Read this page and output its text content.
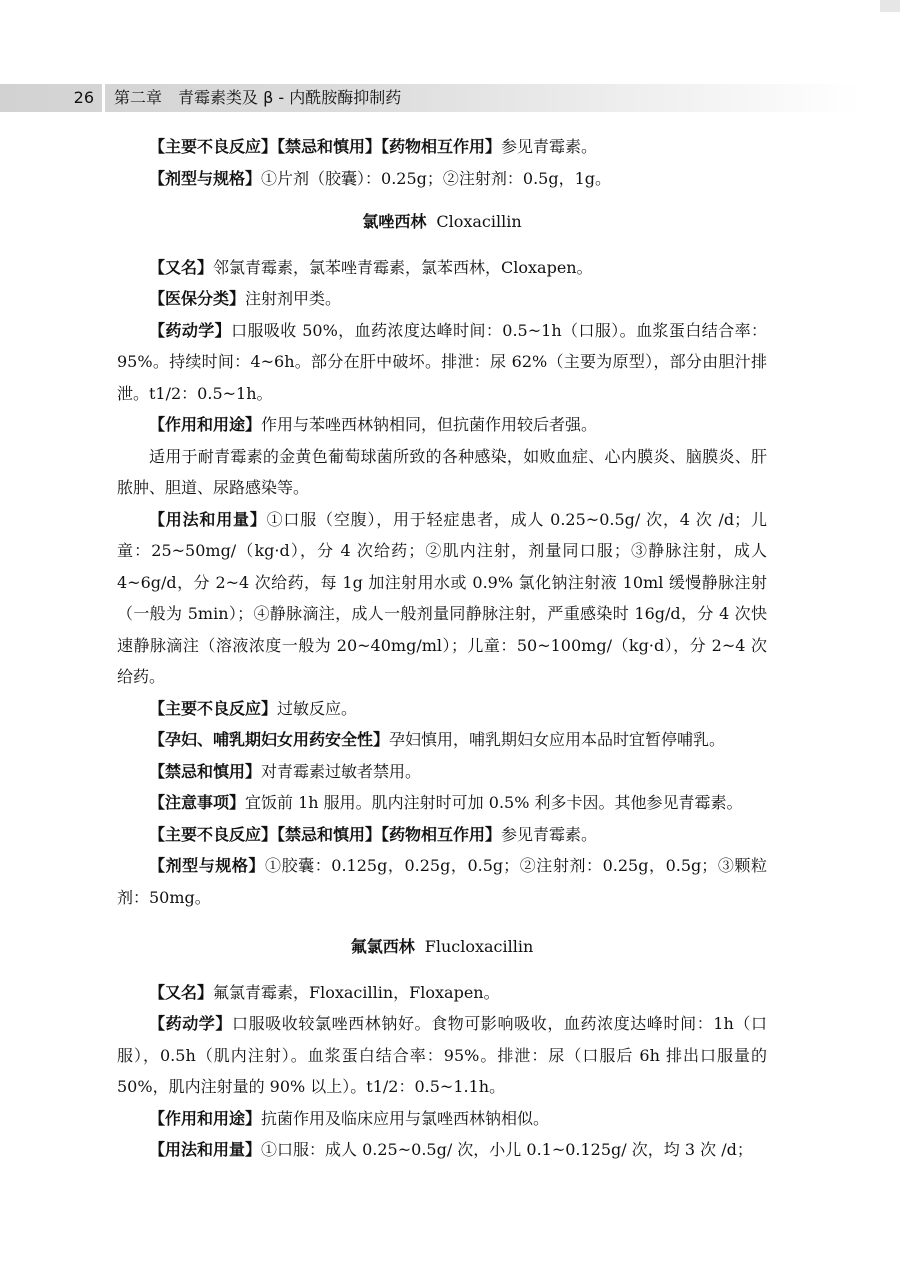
26	第二章　青霉素类及 β - 内酰胺酶抑制药

【主要不良反应】【禁忌和慎用】【药物相互作用】参见青霉素。

【剂型与规格】①片剂（胶囊）：0.25g；②注射剂：0.5g，1g。

氯唑西林 Cloxacillin

【又名】邻氯青霉素，氯苯唑青霉素，氯苯西林，Cloxapen。

【医保分类】注射剂甲类。

【药动学】口服吸收 50%，血药浓度达峰时间：0.5~1h（口服）。血浆蛋白结合率：95%。持续时间：4~6h。部分在肝中破坏。排泄：尿 62%（主要为原型），部分由胆汁排泄。t1/2：0.5~1h。

【作用和用途】作用与苯唑西林钠相同，但抗菌作用较后者强。

适用于耐青霉素的金黄色葡萄球菌所致的各种感染，如败血症、心内膜炎、脑膜炎、肝脓肿、胆道、尿路感染等。

【用法和用量】①口服（空腹），用于轻症患者，成人 0.25~0.5g/ 次，4 次 /d；儿童：25~50mg/（kg·d），分 4 次给药；②肌内注射，剂量同口服；③静脉注射，成人 4~6g/d，分 2~4 次给药，每 1g 加注射用水或 0.9% 氯化钠注射液 10ml 缓慢静脉注射（一般为 5min）；④静脉滴注，成人一般剂量同静脉注射，严重感染时 16g/d，分 4 次快速静脉滴注（溶液浓度一般为 20~40mg/ml）；儿童：50~100mg/（kg·d），分 2~4 次给药。

【主要不良反应】过敏反应。

【孕妇、哺乳期妇女用药安全性】孕妇慎用，哺乳期妇女应用本品时宜暂停哺乳。

【禁忌和慎用】对青霉素过敏者禁用。

【注意事项】宜饭前 1h 服用。肌内注射时可加 0.5% 利多卡因。其他参见青霉素。

【主要不良反应】【禁忌和慎用】【药物相互作用】参见青霉素。

【剂型与规格】①胶囊：0.125g，0.25g，0.5g；②注射剂：0.25g，0.5g；③颗粒剂：50mg。

氟氯西林 Flucloxacillin

【又名】氟氯青霉素，Floxacillin，Floxapen。

【药动学】口服吸收较氯唑西林钠好。食物可影响吸收，血药浓度达峰时间：1h（口服），0.5h（肌内注射）。血浆蛋白结合率：95%。排泄：尿（口服后 6h 排出口服量的 50%，肌内注射量的 90% 以上）。t1/2：0.5~1.1h。

【作用和用途】抗菌作用及临床应用与氯唑西林钠相似。

【用法和用量】①口服：成人 0.25~0.5g/ 次，小儿 0.1~0.125g/ 次，均 3 次 /d；
